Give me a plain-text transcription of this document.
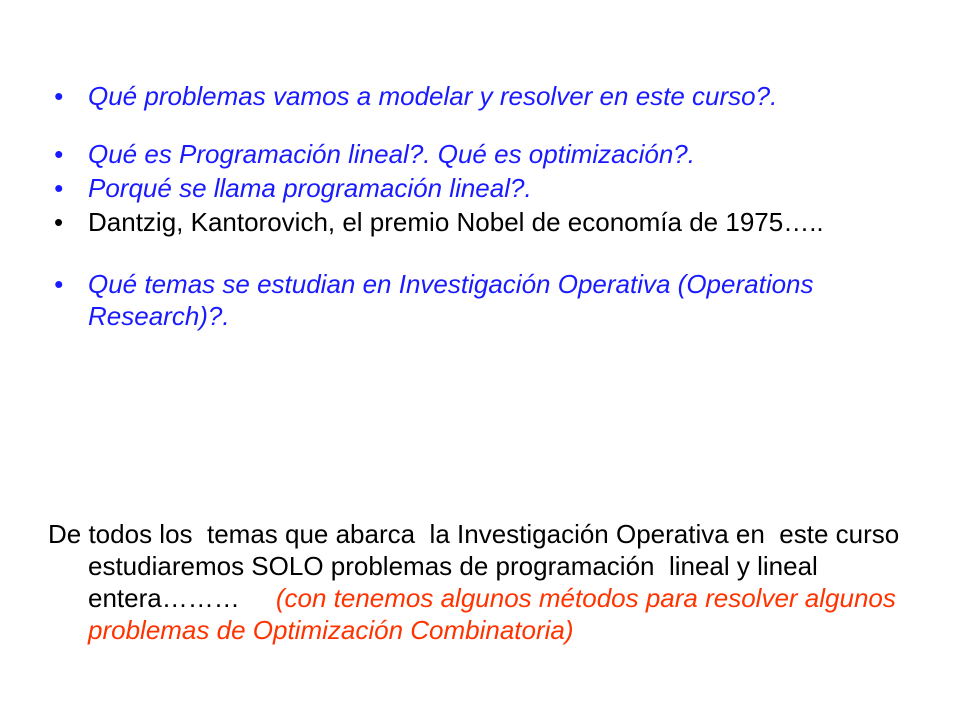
• Qué problemas vamos a modelar y resolver en este curso?.
• Qué es Programación lineal?. Qué es optimización?.
• Porqué se llama programación lineal?.
• Dantzig, Kantorovich, el premio Nobel de economía de 1975…..
• Qué temas se estudian en Investigación Operativa (Operations Research)?.

De todos los  temas que abarca  la Investigación Operativa en  este curso estudiaremos SOLO problemas de programación  lineal y lineal entera………     (con tenemos algunos métodos para resolver algunos problemas de Optimización Combinatoria)
